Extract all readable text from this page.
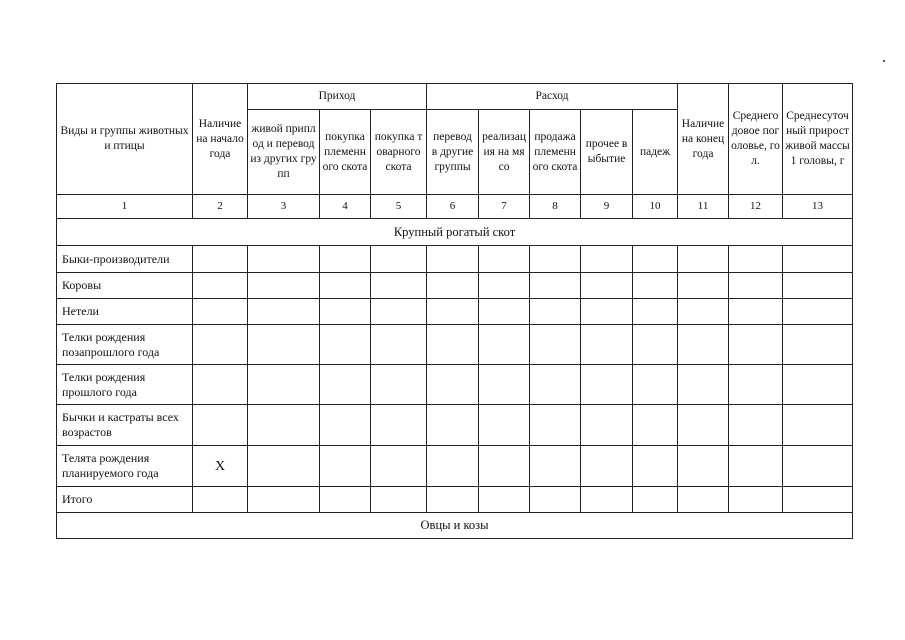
Виды и группы животных и птицы	Наличие на начало года	Приход			Расход					Наличие на конец года	Среднегодовое поголовье, гол.	Среднесуточный прирост живой массы 1 головы, г
		живой приплод и перевод из других групп	покупка племенного скота	покупка товарного скота	перевод в другие группы	реализация на мясо	продажа племенного скота	прочее выбытие	падеж			
1	2	3	4	5	6	7	8	9	10	11	12	13
Крупный рогатый скот												
Быки-производители												
Коровы												
Нетели												
Телки рождения позапрошлого года												
Телки рождения прошлого года												
Бычки и кастраты всех возрастов												
Телята рождения планируемого года	Х											
Итого												
Овцы и козы												
